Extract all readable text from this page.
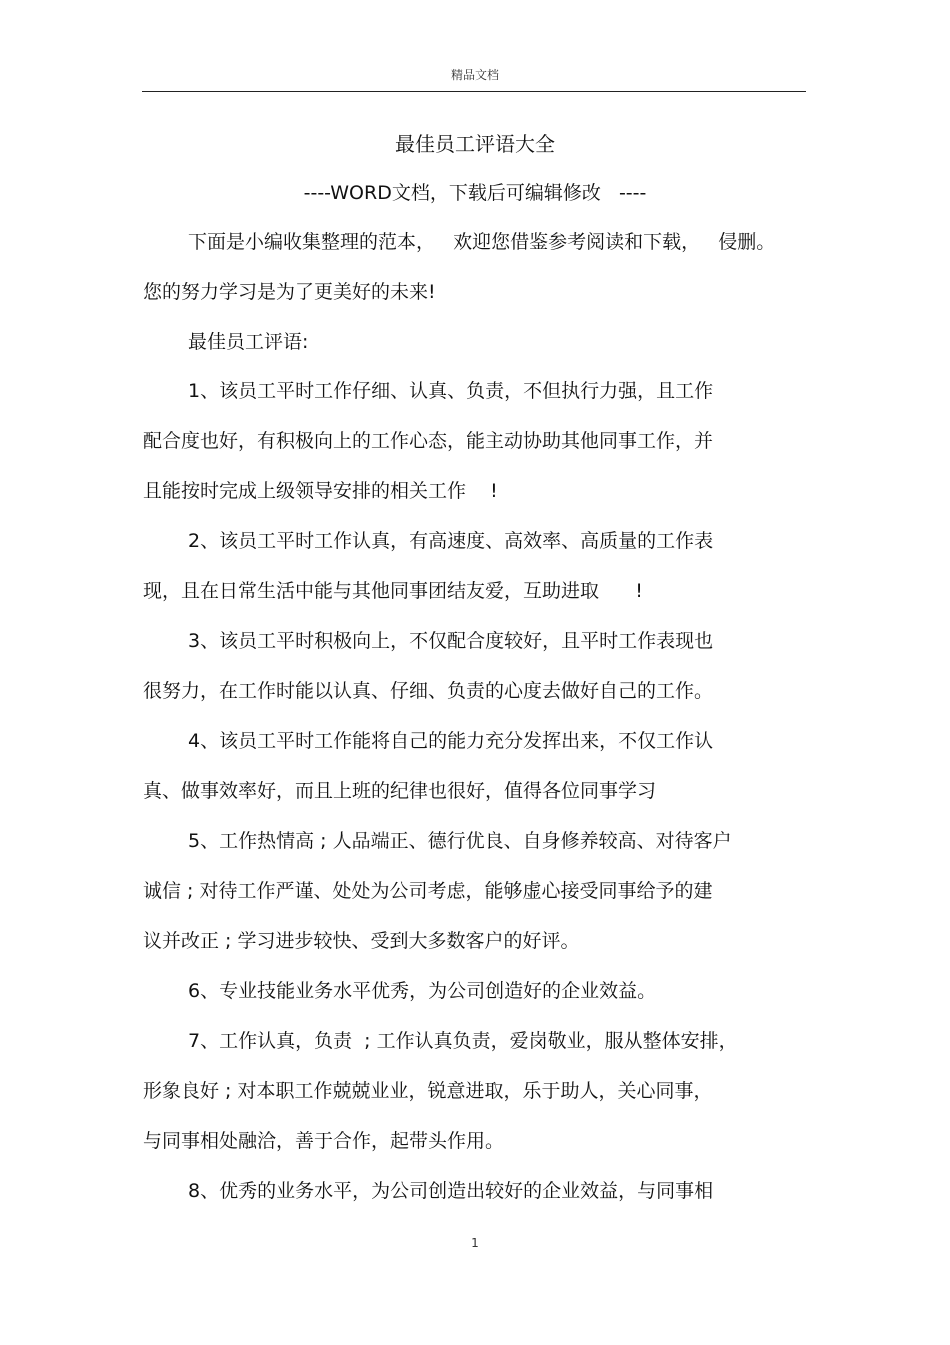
精品文档
最佳员工评语大全
----WORD文档，下载后可编辑修改   ----
下面是小编收集整理的范本，   欢迎您借鉴参考阅读和下载，   侵删。
您的努力学习是为了更美好的未来!
最佳员工评语:
1、该员工平时工作仔细、认真、负责，不但执行力强，且工作
配合度也好，有积极向上的工作心态，能主动协助其他同事工作，并
且能按时完成上级领导安排的相关工作    !
2、该员工平时工作认真，有高速度、高效率、高质量的工作表
现，且在日常生活中能与其他同事团结友爱，互助进取      !
3、该员工平时积极向上，不仅配合度较好，且平时工作表现也
很努力，在工作时能以认真、仔细、负责的心度去做好自己的工作。
4、该员工平时工作能将自己的能力充分发挥出来，不仅工作认
真、做事效率好，而且上班的纪律也很好，值得各位同事学习
5、工作热情高 ; 人品端正、德行优良、自身修养较高、对待客户
诚信 ; 对待工作严谨、处处为公司考虑，能够虚心接受同事给予的建
议并改正 ; 学习进步较快、受到大多数客户的好评。
6、专业技能业务水平优秀，为公司创造好的企业效益。
7、工作认真，负责  ; 工作认真负责，爱岗敬业，服从整体安排，
形象良好 ; 对本职工作兢兢业业，锐意进取，乐于助人，关心同事，
与同事相处融洽，善于合作，起带头作用。
8、优秀的业务水平，为公司创造出较好的企业效益，与同事相
1
